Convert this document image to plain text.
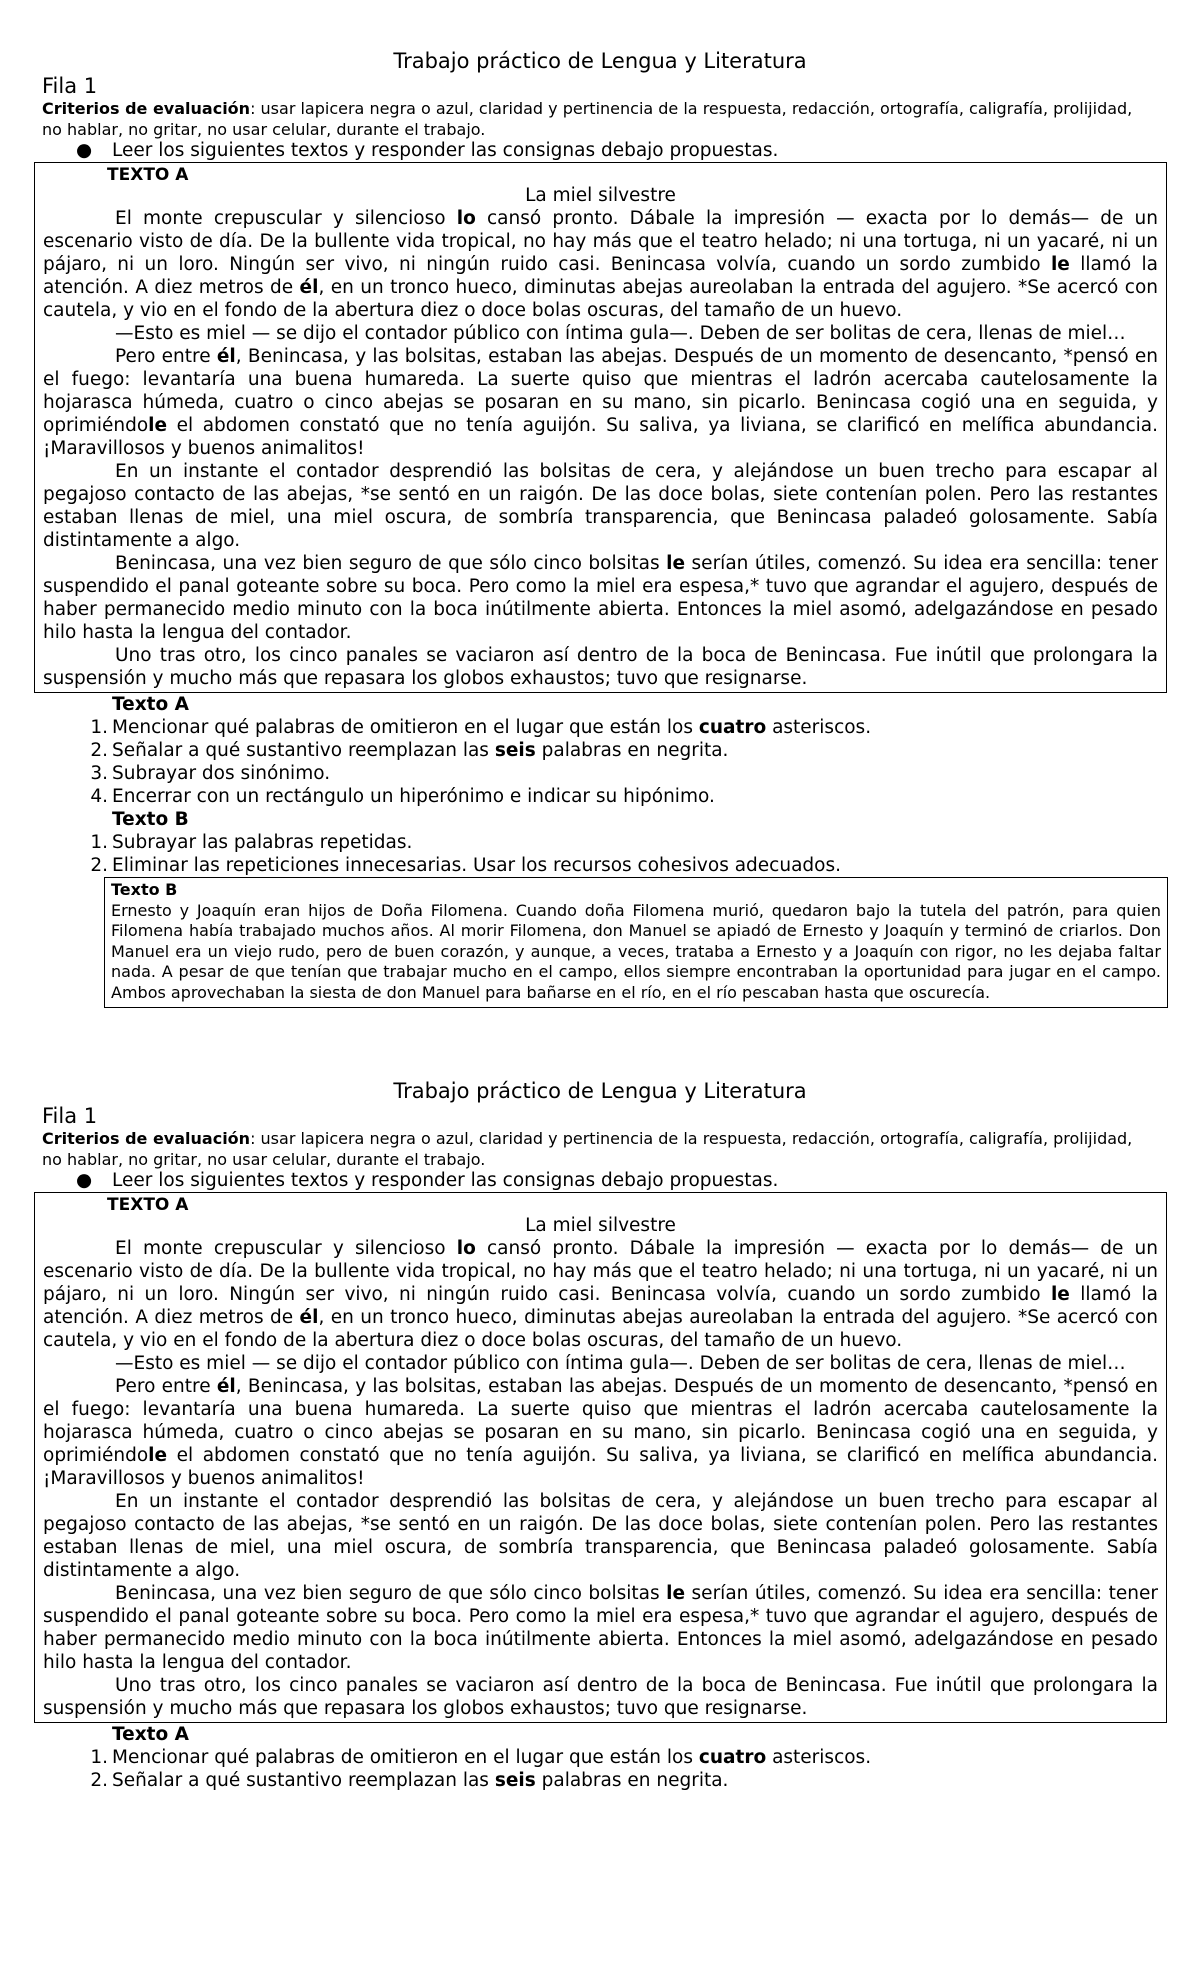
Trabajo práctico de Lengua y Literatura
Fila 1
Criterios de evaluación: usar lapicera negra o azul, claridad y pertinencia de la respuesta, redacción, ortografía, caligrafía, prolijidad, no hablar, no gritar, no usar celular, durante el trabajo.
●	Leer los siguientes textos y responder las consignas debajo propuestas.
TEXTO A
La miel silvestre

El monte crepuscular y silencioso lo cansó pronto. Dábale la impresión — exacta por lo demás— de un escenario visto de día. De la bullente vida tropical, no hay más que el teatro helado; ni una tortuga, ni un yacaré, ni un pájaro, ni un loro. Ningún ser vivo, ni ningún ruido casi. Benincasa volvía, cuando un sordo zumbido le llamó la atención. A diez metros de él, en un tronco hueco, diminutas abejas aureolaban la entrada del agujero. *Se acercó con cautela, y vio en el fondo de la abertura diez o doce bolas oscuras, del tamaño de un huevo.

—Esto es miel — se dijo el contador público con íntima gula—. Deben de ser bolitas de cera, llenas de miel…

Pero entre él, Benincasa, y las bolsitas, estaban las abejas. Después de un momento de desencanto, *pensó en el fuego: levantaría una buena humareda. La suerte quiso que mientras el ladrón acercaba cautelosamente la hojarasca húmeda, cuatro o cinco abejas se posaran en su mano, sin picarlo. Benincasa cogió una en seguida, y oprimiéndole el abdomen constató que no tenía aguijón. Su saliva, ya liviana, se clarificó en melífica abundancia. ¡Maravillosos y buenos animalitos!

En un instante el contador desprendió las bolsitas de cera, y alejándose un buen trecho para escapar al pegajoso contacto de las abejas, *se sentó en un raigón. De las doce bolas, siete contenían polen. Pero las restantes estaban llenas de miel, una miel oscura, de sombría transparencia, que Benincasa paladeó golosamente. Sabía distintamente a algo.

Benincasa, una vez bien seguro de que sólo cinco bolsitas le serían útiles, comenzó. Su idea era sencilla: tener suspendido el panal goteante sobre su boca. Pero como la miel era espesa,* tuvo que agrandar el agujero, después de haber permanecido medio minuto con la boca inútilmente abierta. Entonces la miel asomó, adelgazándose en pesado hilo hasta la lengua del contador.

Uno tras otro, los cinco panales se vaciaron así dentro de la boca de Benincasa. Fue inútil que prolongara la suspensión y mucho más que repasara los globos exhaustos; tuvo que resignarse.

Texto A
1. Mencionar qué palabras de omitieron en el lugar que están los cuatro asteriscos.
2. Señalar a qué sustantivo reemplazan las seis palabras en negrita.
3. Subrayar dos sinónimo.
4. Encerrar con un rectángulo un hiperónimo e indicar su hipónimo.
Texto B
1. Subrayar las palabras repetidas.
2. Eliminar las repeticiones innecesarias. Usar los recursos cohesivos adecuados.
Texto B
Ernesto y Joaquín eran hijos de Doña Filomena. Cuando doña Filomena murió, quedaron bajo la tutela del patrón, para quien Filomena había trabajado muchos años. Al morir Filomena, don Manuel se apiadó de Ernesto y Joaquín y terminó de criarlos. Don Manuel era un viejo rudo, pero de buen corazón, y aunque, a veces, trataba a Ernesto y a Joaquín con rigor, no les dejaba faltar nada. A pesar de que tenían que trabajar mucho en el campo, ellos siempre encontraban la oportunidad para jugar en el campo. Ambos aprovechaban la siesta de don Manuel para bañarse en el río, en el río pescaban hasta que oscurecía.
Trabajo práctico de Lengua y Literatura
Fila 1
Criterios de evaluación: usar lapicera negra o azul, claridad y pertinencia de la respuesta, redacción, ortografía, caligrafía, prolijidad, no hablar, no gritar, no usar celular, durante el trabajo.
●	Leer los siguientes textos y responder las consignas debajo propuestas.
TEXTO A
La miel silvestre

El monte crepuscular y silencioso lo cansó pronto. Dábale la impresión — exacta por lo demás— de un escenario visto de día. De la bullente vida tropical, no hay más que el teatro helado; ni una tortuga, ni un yacaré, ni un pájaro, ni un loro. Ningún ser vivo, ni ningún ruido casi. Benincasa volvía, cuando un sordo zumbido le llamó la atención. A diez metros de él, en un tronco hueco, diminutas abejas aureolaban la entrada del agujero. *Se acercó con cautela, y vio en el fondo de la abertura diez o doce bolas oscuras, del tamaño de un huevo.

—Esto es miel — se dijo el contador público con íntima gula—. Deben de ser bolitas de cera, llenas de miel…

Pero entre él, Benincasa, y las bolsitas, estaban las abejas. Después de un momento de desencanto, *pensó en el fuego: levantaría una buena humareda. La suerte quiso que mientras el ladrón acercaba cautelosamente la hojarasca húmeda, cuatro o cinco abejas se posaran en su mano, sin picarlo. Benincasa cogió una en seguida, y oprimiéndole el abdomen constató que no tenía aguijón. Su saliva, ya liviana, se clarificó en melífica abundancia. ¡Maravillosos y buenos animalitos!

En un instante el contador desprendió las bolsitas de cera, y alejándose un buen trecho para escapar al pegajoso contacto de las abejas, *se sentó en un raigón. De las doce bolas, siete contenían polen. Pero las restantes estaban llenas de miel, una miel oscura, de sombría transparencia, que Benincasa paladeó golosamente. Sabía distintamente a algo.

Benincasa, una vez bien seguro de que sólo cinco bolsitas le serían útiles, comenzó. Su idea era sencilla: tener suspendido el panal goteante sobre su boca. Pero como la miel era espesa,* tuvo que agrandar el agujero, después de haber permanecido medio minuto con la boca inútilmente abierta. Entonces la miel asomó, adelgazándose en pesado hilo hasta la lengua del contador.

Uno tras otro, los cinco panales se vaciaron así dentro de la boca de Benincasa. Fue inútil que prolongara la suspensión y mucho más que repasara los globos exhaustos; tuvo que resignarse.

Texto A
1. Mencionar qué palabras de omitieron en el lugar que están los cuatro asteriscos.
2. Señalar a qué sustantivo reemplazan las seis palabras en negrita.
